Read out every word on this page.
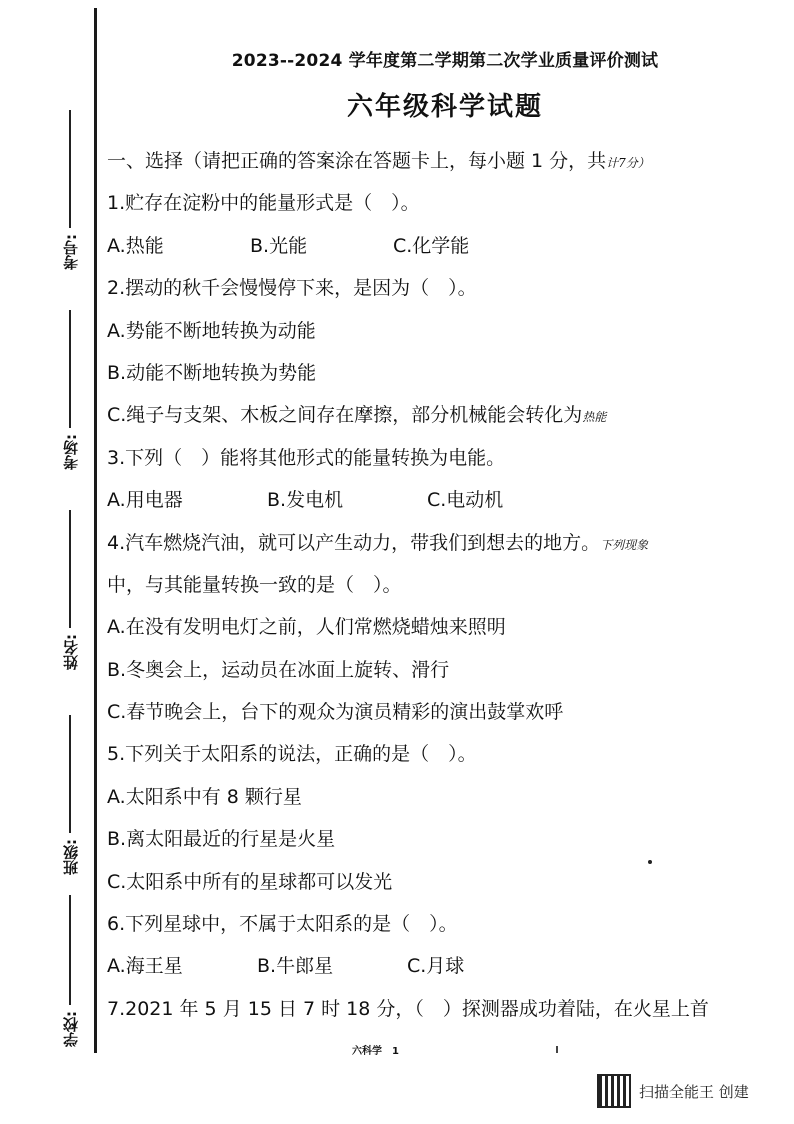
考号:
考场:
姓名:
班级:
学校:
2023--2024 学年度第二学期第二次学业质量评价测试
六年级科学试题
一、选择（请把正确的答案涂在答题卡上，每小题 1 分，共计7分）
1.贮存在淀粉中的能量形式是（　）。
A.热能	B.光能	C.化学能
2.摆动的秋千会慢慢停下来，是因为（　）。
A.势能不断地转换为动能
B.动能不断地转换为势能
C.绳子与支架、木板之间存在摩擦，部分机械能会转化为热能
3.下列（　）能将其他形式的能量转换为电能。
A.用电器	B.发电机	C.电动机
4.汽车燃烧汽油，就可以产生动力，带我们到想去的地方。下列现象
中，与其能量转换一致的是（　）。
A.在没有发明电灯之前，人们常燃烧蜡烛来照明
B.冬奥会上，运动员在冰面上旋转、滑行
C.春节晚会上，台下的观众为演员精彩的演出鼓掌欢呼
5.下列关于太阳系的说法，正确的是（　）。
A.太阳系中有 8 颗行星
B.离太阳最近的行星是火星
C.太阳系中所有的星球都可以发光
6.下列星球中，不属于太阳系的是（　）。
A.海王星	B.牛郎星	C.月球
7.2021 年 5 月 15 日 7 时 18 分，（　）探测器成功着陆，在火星上首
六科学　1
扫描全能王 创建
